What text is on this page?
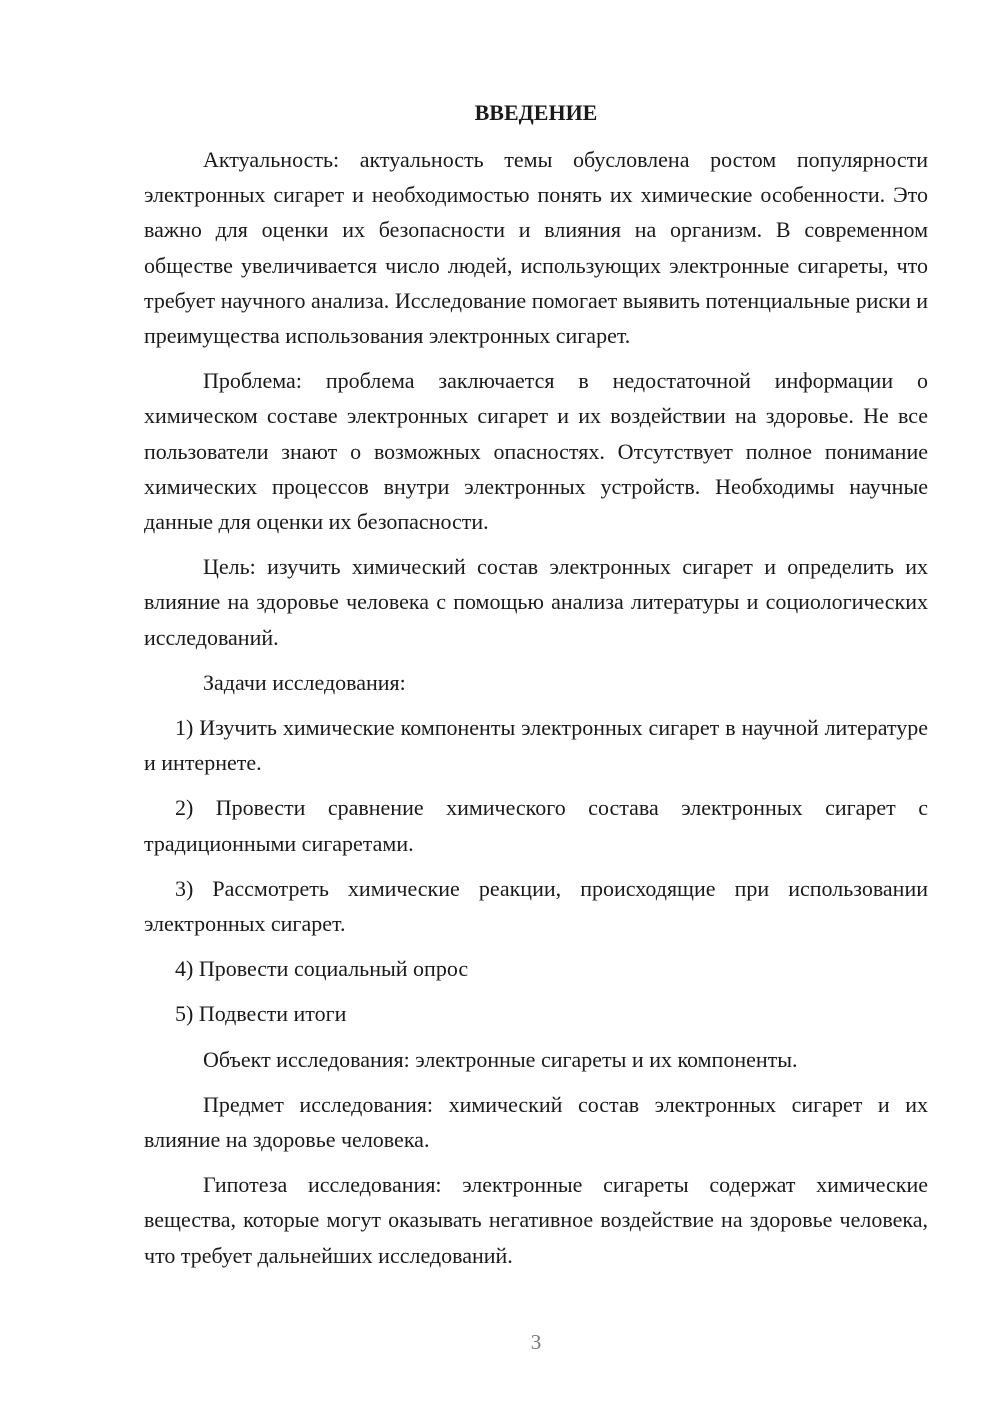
ВВЕДЕНИЕ

Актуальность: актуальность темы обусловлена ростом популярности электронных сигарет и необходимостью понять их химические особенности. Это важно для оценки их безопасности и влияния на организм. В современном обществе увеличивается число людей, использующих электронные сигареты, что требует научного анализа. Исследование помогает выявить потенциальные риски и преимущества использования электронных сигарет.

Проблема: проблема заключается в недостаточной информации о химическом составе электронных сигарет и их воздействии на здоровье. Не все пользователи знают о возможных опасностях. Отсутствует полное понимание химических процессов внутри электронных устройств. Необходимы научные данные для оценки их безопасности.

Цель: изучить химический состав электронных сигарет и определить их влияние на здоровье человека с помощью анализа литературы и социологических исследований.

Задачи исследования:

1) Изучить химические компоненты электронных сигарет в научной литературе и интернете.

2) Провести сравнение химического состава электронных сигарет с традиционными сигаретами.

3) Рассмотреть химические реакции, происходящие при использовании электронных сигарет.

4) Провести социальный опрос

5) Подвести итоги

Объект исследования: электронные сигареты и их компоненты.

Предмет исследования: химический состав электронных сигарет и их влияние на здоровье человека.

Гипотеза исследования: электронные сигареты содержат химические вещества, которые могут оказывать негативное воздействие на здоровье человека, что требует дальнейших исследований.

3
